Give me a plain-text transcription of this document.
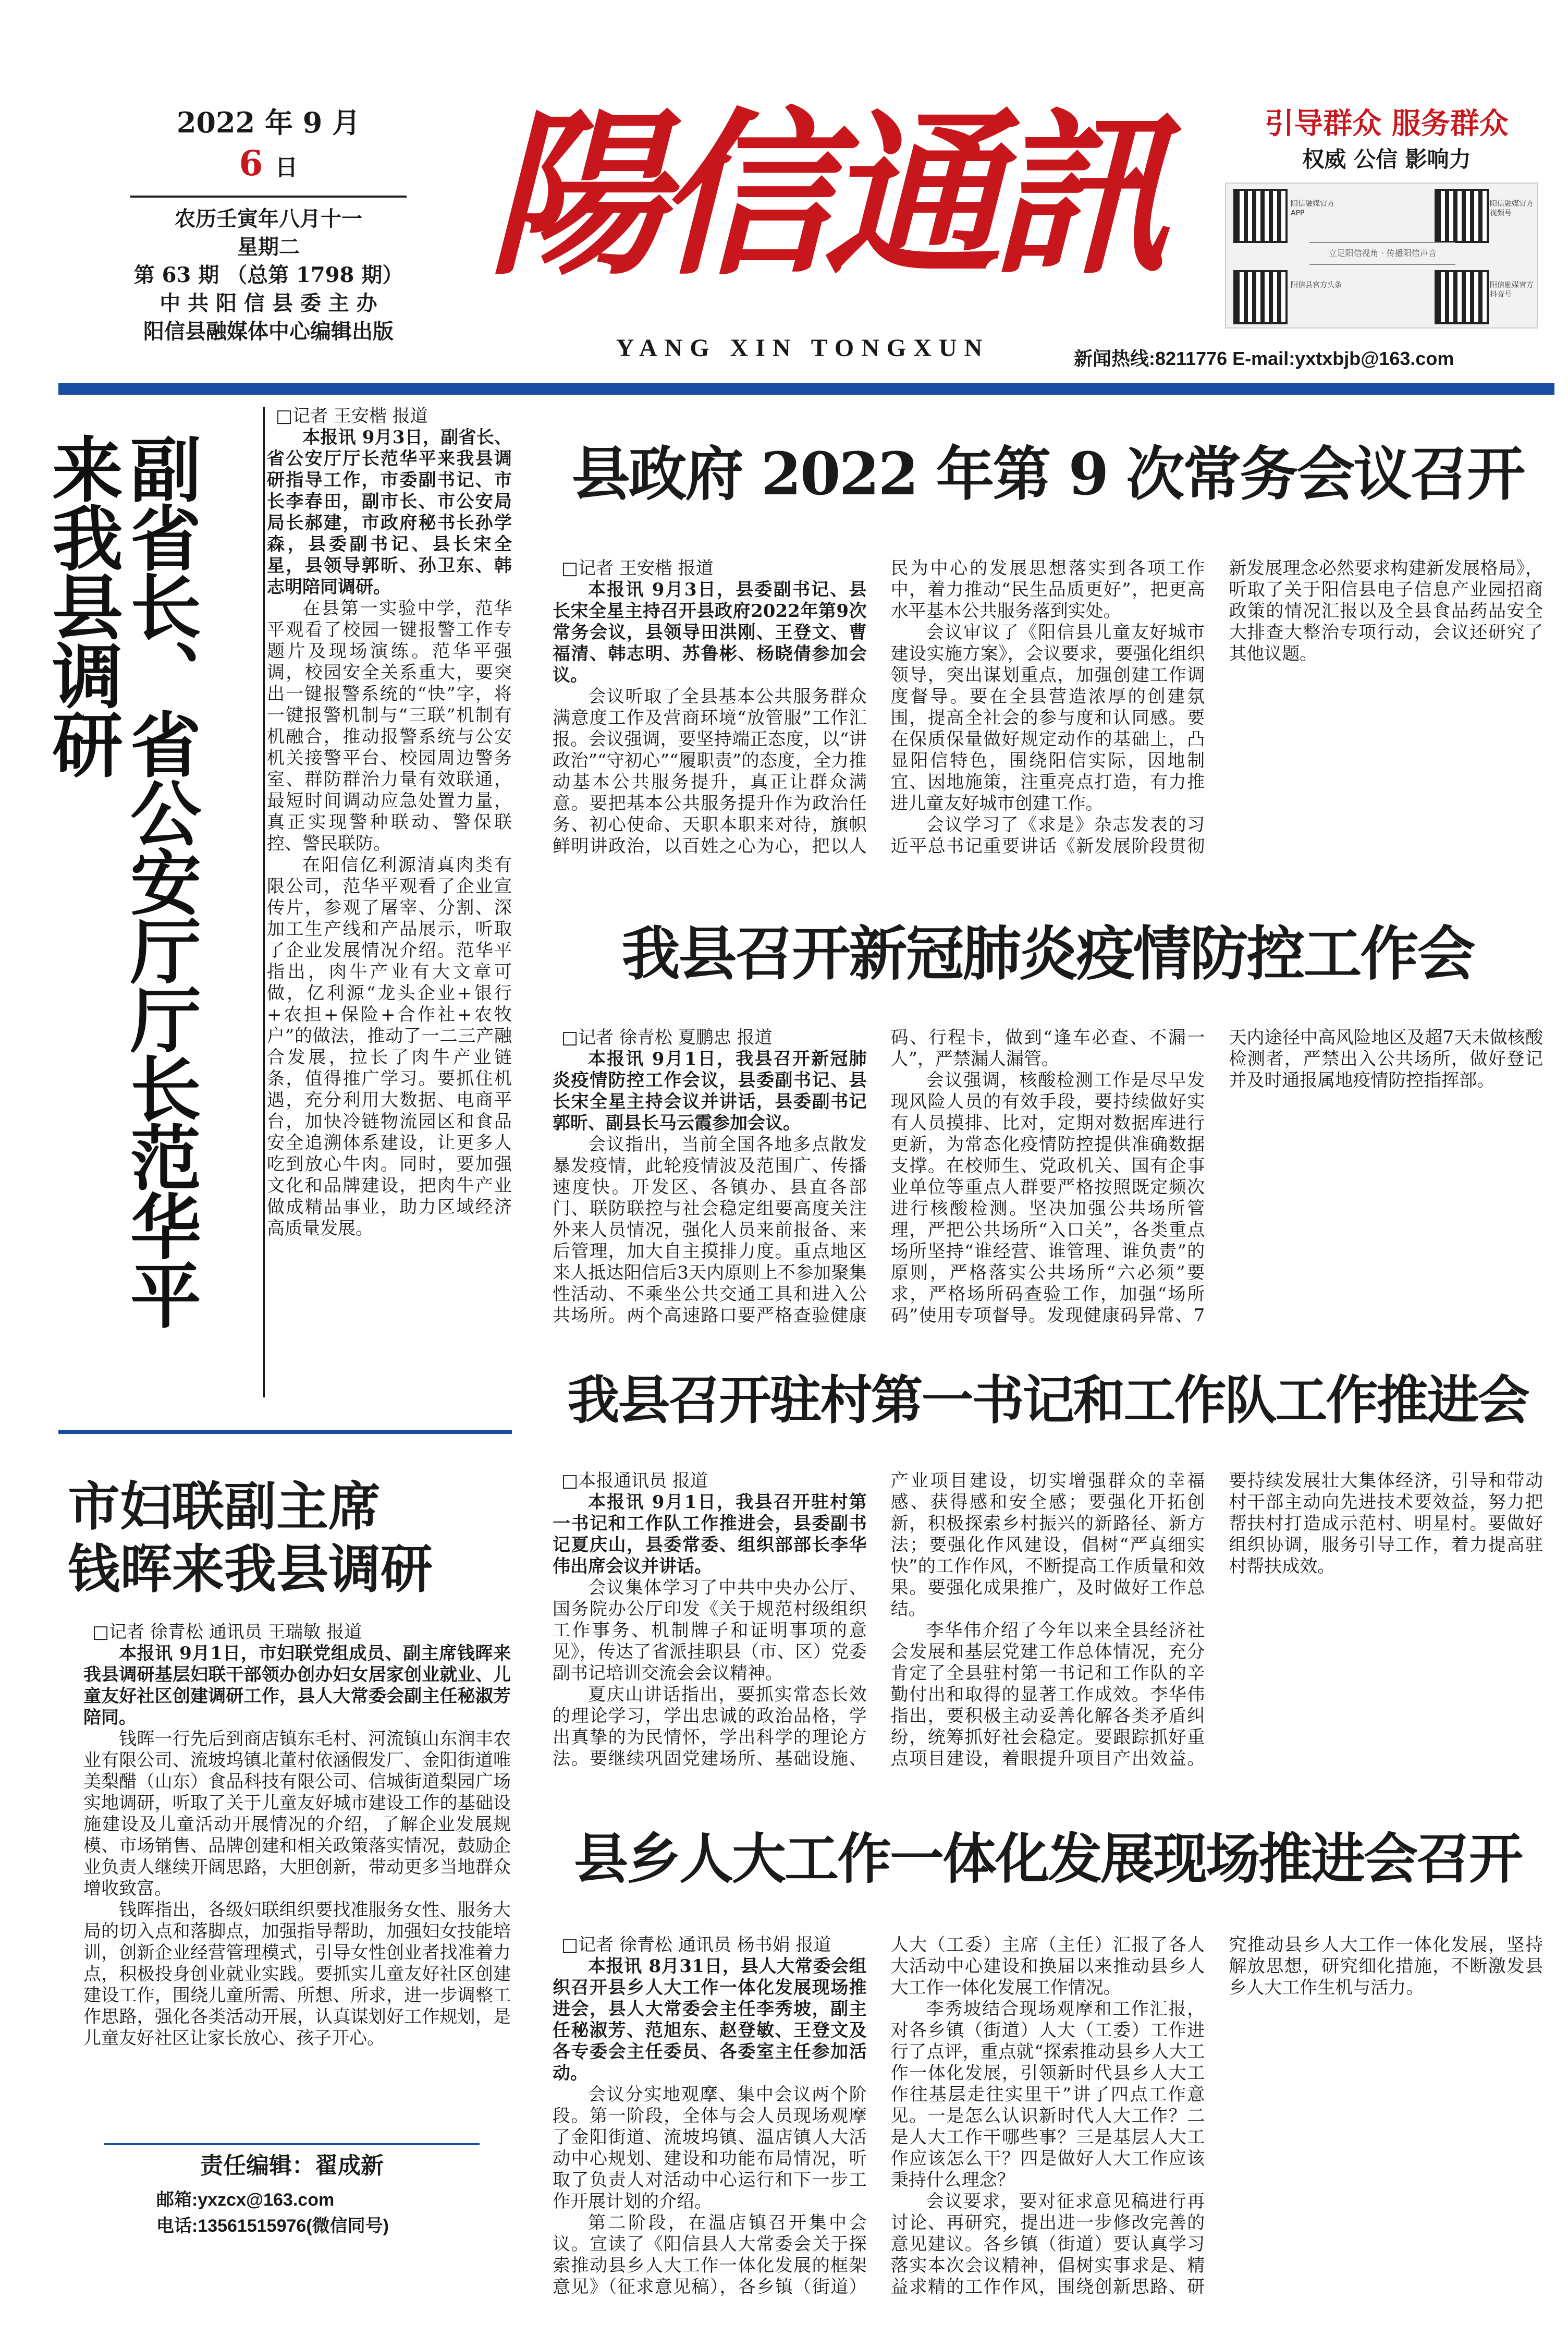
2022 年 9 月
6 日
农历壬寅年八月十一
星期二
第 63 期 （总第 1798 期）
中 共 阳 信 县 委 主 办
阳信县融媒体中心编辑出版
陽信通訊
YANG XIN TONGXUN
引导群众 服务群众
权威 公信 影响力
阳信融媒官方APP
阳信融媒官方视频号
立足阳信视角 · 传播阳信声音
阳信县官方头条	阳信融媒官方抖音号
新闻热线:8211776 E-mail:yxtxbjb@163.com
副省长、省公安厅厅长范华平来我县调研

□记者 王安楷 报道

本报讯 9月3日，副省长、省公安厅厅长范华平来我县调研指导工作，市委副书记、市长李春田，副市长、市公安局局长郝建，市政府秘书长孙学森，县委副书记、县长宋全星，县领导郭昕、孙卫东、韩志明陪同调研。

在县第一实验中学，范华平观看了校园一键报警工作专题片及现场演练。范华平强调，校园安全关系重大，要突出一键报警系统的“快”字，将一键报警机制与“三联”机制有机融合，推动报警系统与公安机关接警平台、校园周边警务室、群防群治力量有效联通，最短时间调动应急处置力量，真正实现警种联动、警保联控、警民联防。

在阳信亿利源清真肉类有限公司，范华平观看了企业宣传片，参观了屠宰、分割、深加工生产线和产品展示，听取了企业发展情况介绍。范华平指出，肉牛产业有大文章可做，亿利源“龙头企业+银行+农担+保险+合作社+农牧户”的做法，推动了一二三产融合发展，拉长了肉牛产业链条，值得推广学习。要抓住机遇，充分利用大数据、电商平台，加快冷链物流园区和食品安全追溯体系建设，让更多人吃到放心牛肉。同时，要加强文化和品牌建设，把肉牛产业做成精品事业，助力区域经济高质量发展。

市妇联副主席
钱晖来我县调研

□记者 徐青松 通讯员 王瑞敏 报道

本报讯 9月1日，市妇联党组成员、副主席钱晖来我县调研基层妇联干部领办创办妇女居家创业就业、儿童友好社区创建调研工作，县人大常委会副主任秘淑芳陪同。

钱晖一行先后到商店镇东毛村、河流镇山东润丰农业有限公司、流坡坞镇北董村依涵假发厂、金阳街道唯美梨醋（山东）食品科技有限公司、信城街道梨园广场实地调研，听取了关于儿童友好城市建设工作的基础设施建设及儿童活动开展情况的介绍，了解企业发展规模、市场销售、品牌创建和相关政策落实情况，鼓励企业负责人继续开阔思路，大胆创新，带动更多当地群众增收致富。

钱晖指出，各级妇联组织要找准服务女性、服务大局的切入点和落脚点，加强指导帮助，加强妇女技能培训，创新企业经营管理模式，引导女性创业者找准着力点，积极投身创业就业实践。要抓实儿童友好社区创建建设工作，围绕儿童所需、所想、所求，进一步调整工作思路，强化各类活动开展，认真谋划好工作规划，是儿童友好社区让家长放心、孩子开心。

责任编辑：翟成新
邮箱:yxzcx@163.com
电话:13561515976(微信同号)
县政府 2022 年第 9 次常务会议召开

□记者 王安楷 报道

本报讯 9月3日，县委副书记、县长宋全星主持召开县政府2022年第9次常务会议，县领导田洪刚、王登文、曹福清、韩志明、苏鲁彬、杨晓倩参加会议。

会议听取了全县基本公共服务群众满意度工作及营商环境“放管服”工作汇报。会议强调，要坚持端正态度，以“讲政治”“守初心”“履职责”的态度，全力推动基本公共服务提升，真正让群众满意。要把基本公共服务提升作为政治任务、初心使命、天职本职来对待，旗帜鲜明讲政治，以百姓之心为心，把以人民为中心的发展思想落实到各项工作中，着力推动“民生品质更好”，把更高水平基本公共服务落到实处。

会议审议了《阳信县儿童友好城市建设实施方案》，会议要求，要强化组织领导，突出谋划重点，加强创建工作调度督导。要在全县营造浓厚的创建氛围，提高全社会的参与度和认同感。要在保质保量做好规定动作的基础上，凸显阳信特色，围绕阳信实际，因地制宜、因地施策，注重亮点打造，有力推进儿童友好城市创建工作。

会议学习了《求是》杂志发表的习近平总书记重要讲话《新发展阶段贯彻新发展理念必然要求构建新发展格局》，听取了关于阳信县电子信息产业园招商政策的情况汇报以及全县食品药品安全大排查大整治专项行动，会议还研究了其他议题。

我县召开新冠肺炎疫情防控工作会

□记者 徐青松 夏鹏忠 报道

本报讯 9月1日，我县召开新冠肺炎疫情防控工作会议，县委副书记、县长宋全星主持会议并讲话，县委副书记郭昕、副县长马云霞参加会议。

会议指出，当前全国各地多点散发暴发疫情，此轮疫情波及范围广、传播速度快。开发区、各镇办、县直各部门、联防联控与社会稳定组要高度关注外来人员情况，强化人员来前报备、来后管理，加大自主摸排力度。重点地区来人抵达阳信后3天内原则上不参加聚集性活动、不乘坐公共交通工具和进入公共场所。两个高速路口要严格查验健康码、行程卡，做到“逢车必查、不漏一人”，严禁漏人漏管。

会议强调，核酸检测工作是尽早发现风险人员的有效手段，要持续做好实有人员摸排、比对，定期对数据库进行更新，为常态化疫情防控提供准确数据支撑。在校师生、党政机关、国有企事业单位等重点人群要严格按照既定频次进行核酸检测。坚决加强公共场所管理，严把公共场所“入口关”，各类重点场所坚持“谁经营、谁管理、谁负责”的原则，严格落实公共场所“六必须”要求，严格场所码查验工作，加强“场所码”使用专项督导。发现健康码异常、7天内途径中高风险地区及超7天未做核酸检测者，严禁出入公共场所，做好登记并及时通报属地疫情防控指挥部。

我县召开驻村第一书记和工作队工作推进会

□本报通讯员 报道

本报讯 9月1日，我县召开驻村第一书记和工作队工作推进会，县委副书记夏庆山，县委常委、组织部部长李华伟出席会议并讲话。

会议集体学习了中共中央办公厅、国务院办公厅印发《关于规范村级组织工作事务、机制牌子和证明事项的意见》，传达了省派挂职县（市、区）党委副书记培训交流会会议精神。

夏庆山讲话指出，要抓实常态长效的理论学习，学出忠诚的政治品格，学出真挚的为民情怀，学出科学的理论方法。要继续巩固党建场所、基础设施、产业项目建设，切实增强群众的幸福感、获得感和安全感；要强化开拓创新，积极探索乡村振兴的新路径、新方法；要强化作风建设，倡树“严真细实快”的工作作风，不断提高工作质量和效果。要强化成果推广，及时做好工作总结。

李华伟介绍了今年以来全县经济社会发展和基层党建工作总体情况，充分肯定了全县驻村第一书记和工作队的辛勤付出和取得的显著工作成效。李华伟指出，要积极主动妥善化解各类矛盾纠纷，统筹抓好社会稳定。要跟踪抓好重点项目建设，着眼提升项目产出效益。要持续发展壮大集体经济，引导和带动村干部主动向先进技术要效益，努力把帮扶村打造成示范村、明星村。要做好组织协调，服务引导工作，着力提高驻村帮扶成效。

县乡人大工作一体化发展现场推进会召开

□记者 徐青松 通讯员 杨书娟 报道

本报讯 8月31日，县人大常委会组织召开县乡人大工作一体化发展现场推进会，县人大常委会主任李秀坡，副主任秘淑芳、范旭东、赵登敏、王登文及各专委会主任委员、各委室主任参加活动。

会议分实地观摩、集中会议两个阶段。第一阶段，全体与会人员现场观摩了金阳街道、流坡坞镇、温店镇人大活动中心规划、建设和功能布局情况，听取了负责人对活动中心运行和下一步工作开展计划的介绍。

第二阶段，在温店镇召开集中会议。宣读了《阳信县人大常委会关于探索推动县乡人大工作一体化发展的框架意见》（征求意见稿），各乡镇（街道）人大（工委）主席（主任）汇报了各人大活动中心建设和换届以来推动县乡人大工作一体化发展工作情况。

李秀坡结合现场观摩和工作汇报，对各乡镇（街道）人大（工委）工作进行了点评，重点就“探索推动县乡人大工作一体化发展，引领新时代县乡人大工作往基层走往实里干”讲了四点工作意见。一是怎么认识新时代人大工作？二是人大工作干哪些事？三是基层人大工作应该怎么干？四是做好人大工作应该秉持什么理念？

会议要求，要对征求意见稿进行再讨论、再研究，提出进一步修改完善的意见建议。各乡镇（街道）要认真学习落实本次会议精神，倡树实事求是、精益求精的工作作风，围绕创新思路、研究推动县乡人大工作一体化发展，坚持解放思想，研究细化措施，不断激发县乡人大工作生机与活力。
